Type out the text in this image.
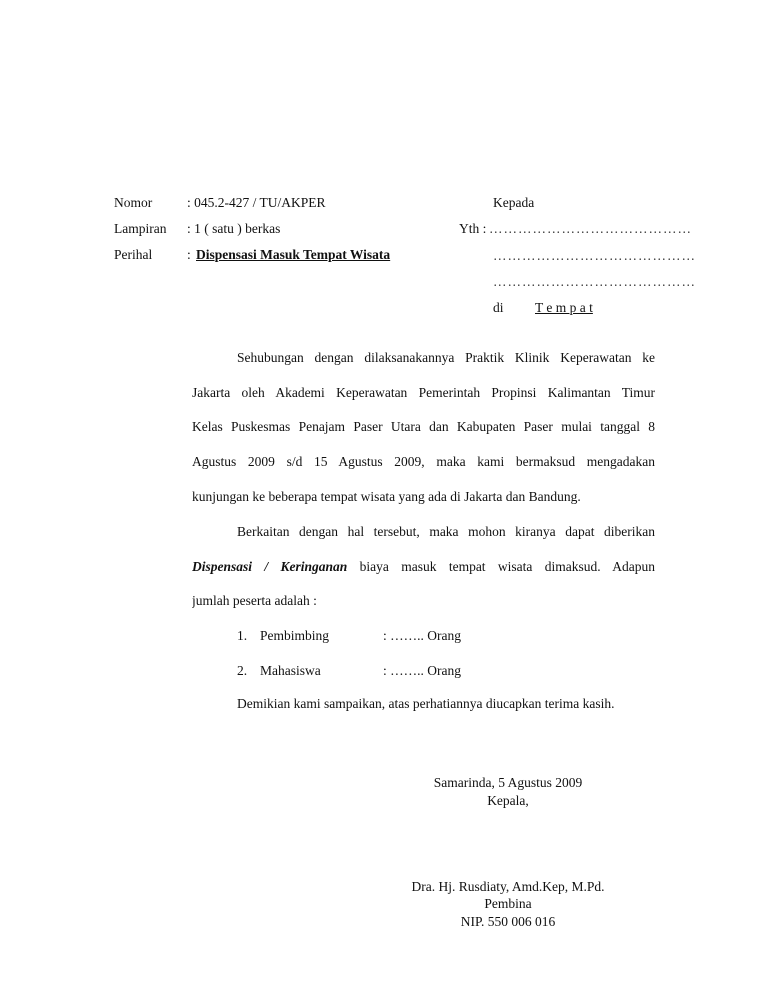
Nomor	: 045.2-427 / TU/AKPER
Lampiran : 1 ( satu ) berkas
Perihal	: Dispensasi Masuk Tempat Wisata
Kepada
Yth : ……………………………………
……………………………………
……………………………………
di T e m p a t
Sehubungan dengan dilaksanakannya Praktik Klinik Keperawatan ke
Jakarta oleh Akademi Keperawatan Pemerintah Propinsi Kalimantan Timur
Kelas Puskesmas Penajam Paser Utara dan Kabupaten Paser mulai tanggal 8
Agustus 2009 s/d 15 Agustus 2009, maka kami bermaksud mengadakan
kunjungan ke beberapa tempat wisata yang ada di Jakarta dan Bandung.
Berkaitan dengan hal tersebut, maka mohon kiranya dapat diberikan
Dispensasi / Keringanan biaya masuk tempat wisata dimaksud. Adapun
jumlah peserta adalah :
1. Pembimbing	: …….. Orang
2. Mahasiswa	: …….. Orang
Demikian kami sampaikan, atas perhatiannya diucapkan terima kasih.
Samarinda, 5 Agustus 2009
Kepala,
Dra. Hj. Rusdiaty, Amd.Kep, M.Pd.
Pembina
NIP. 550 006 016
